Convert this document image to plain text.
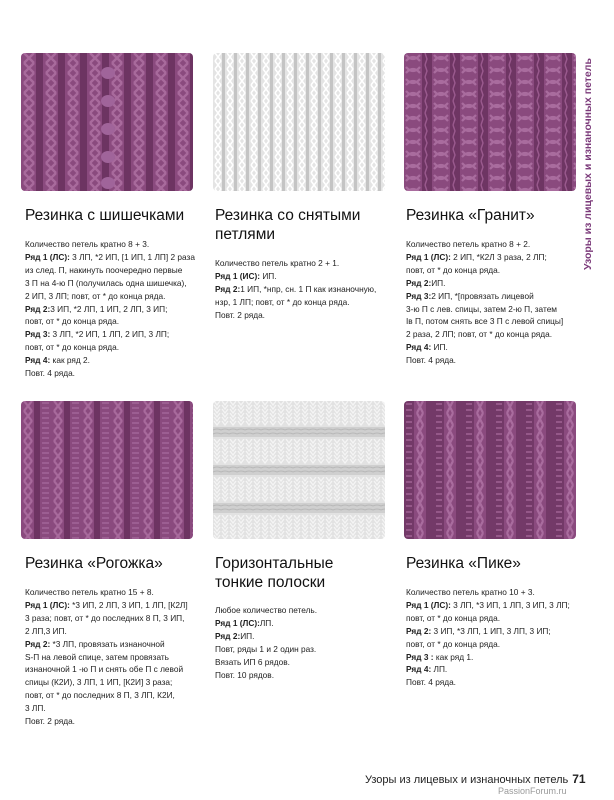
Узоры из лицевых и изнаночных петель
Резинка с шишечками	Резинка со снятыми петлями
Резинка «Гранит»
Резинка «Рогожка»	Горизонтальные тонкие полоски
Резинка «Пике»

Количество петель кратно 8 + 3.

Ряд 1 (ЛС): 3 ЛП, *2 ИП, [1 ИП, 1 ЛП] 2 раза

из след. П, накинуть поочередно первые

3 П на 4-ю П (получилась одна шишечка),

2 ИП, 3 ЛП; повт, от * до конца ряда.

Ряд 2:3 ИП, *2 ЛП, 1 ИП, 2 ЛП, 3 ИП;

повт, от * до конца ряда.

Ряд 3: 3 ЛП, *2 ИП, 1 ЛП, 2 ИП, 3 ЛП;

повт, от * до конца ряда.

Ряд 4: как ряд 2.

Повт. 4 ряда.

Количество петель кратно 2 + 1.

Ряд 1 (ИС): ИП.

Ряд 2:1 ИП, *нпр, сн. 1 П как изнаночную,

нзр, 1 ЛП; повт, от * до конца ряда.

Повт. 2 ряда.

Количество петель кратно 8 + 2.

Ряд 1 (ЛС): 2 ИП, *К2Л 3 раза, 2 ЛП;

повт, от * до конца ряда.

Ряд 2:ИП.

Ряд 3:2 ИП, *[провязать лицевой

3-ю П с лев. спицы, затем 2-ю П, затем

Ів П, потом снять все 3 П с левой спицы]

2 раза, 2 ЛП; повт, от * до конца ряда.

Ряд 4: ИП.

Повт. 4 ряда.

Количество петель кратно 15 + 8.

Ряд 1 (ЛС): *3 ИП, 2 ЛП, 3 ИП, 1 ЛП, [К2Л]

3 раза; повт, от * до последних 8 П, 3 ИП,

2 ЛП,3 ИП.

Ряд 2: *3 ЛП, провязать изнаночной

Ѕ-П на левой спице, затем провязать

изнаночной 1 -ю П и снять обе П с левой

спицы (К2И), 3 ЛП, 1 ИП, [К2И] 3 раза;

повт, от * до последних 8 П, 3 ЛП, К2И,

3 ЛП.

Повт. 2 ряда.

Любое количество петель.

Ряд 1 (ЛС):ЛП.

Ряд 2:ИП.

Повт, ряды 1 и 2 один раз.

Вязать ИП 6 рядов.

Повт. 10 рядов.

Количество петель кратно 10 + 3.

Ряд 1 (ЛС): 3 ЛП, *3 ИП, 1 ЛП, 3 ИП, 3 ЛП;

повт, от * до конца ряда.

Ряд 2: 3 ИП, *3 ЛП, 1 ИП, 3 ЛП, 3 ИП;

повт, от * до конца ряда.

Ряд 3 : как ряд 1.

Ряд 4: ЛП.

Повт. 4 ряда.

Узоры из лицевых и изнаночных петель 71
PassionForum.ru
